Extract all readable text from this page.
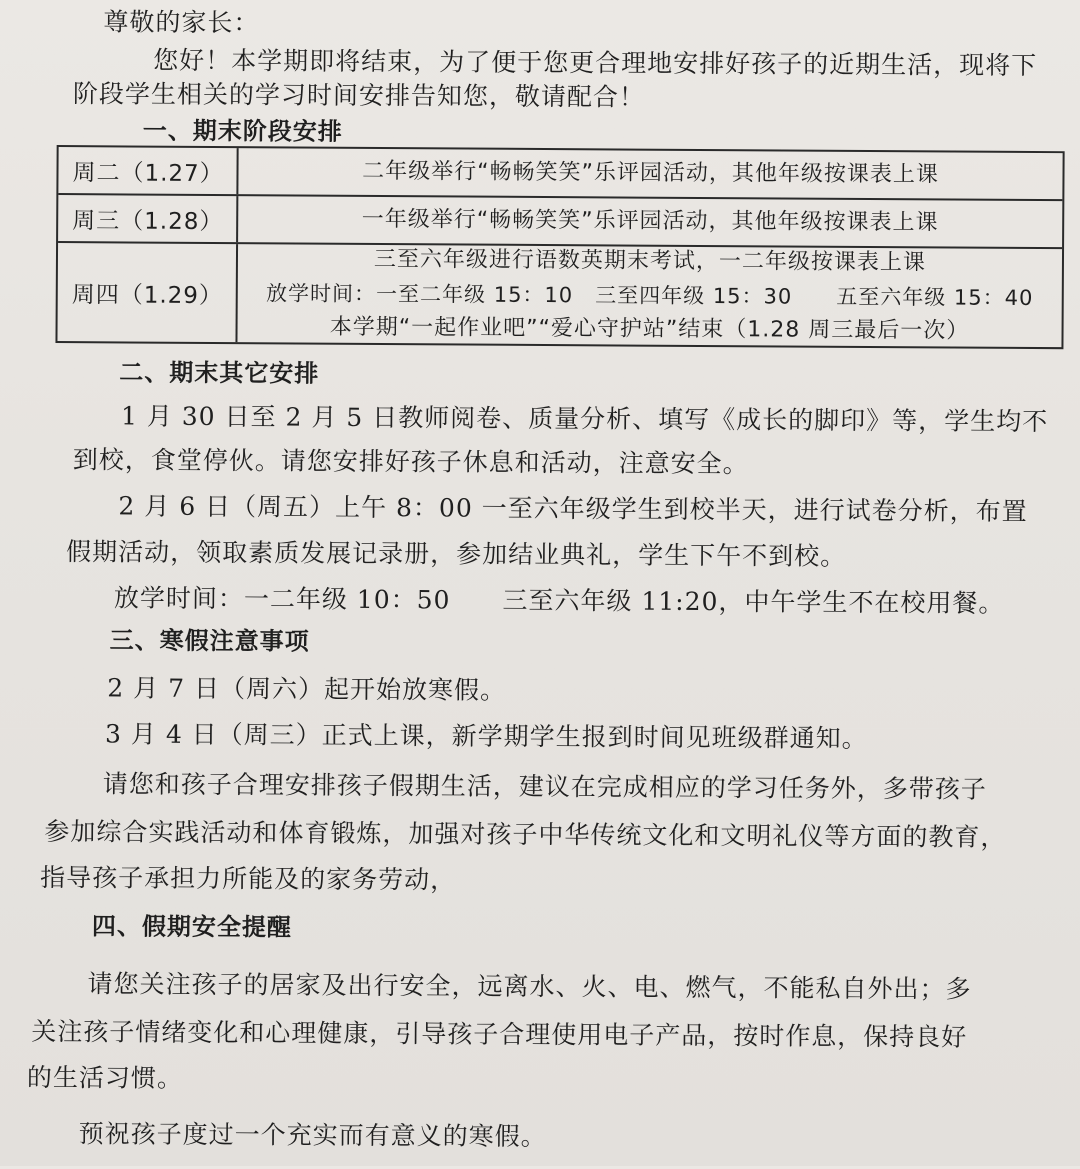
尊敬的家长：
您好！本学期即将结束，为了便于您更合理地安排好孩子的近期生活，现将下
阶段学生相关的学习时间安排告知您，敬请配合！
一、期末阶段安排
周二（1.27）	二年级举行“畅畅笑笑”乐评园活动，其他年级按课表上课
周三（1.28）	一年级举行“畅畅笑笑”乐评园活动，其他年级按课表上课
周四（1.29）
三至六年级进行语数英期末考试，一二年级按课表上课
放学时间：一至二年级 15：10　三至四年级 15：30　　五至六年级 15：40
本学期“一起作业吧”“爱心守护站”结束（1.28 周三最后一次）
二、期末其它安排
1 月 30 日至 2 月 5 日教师阅卷、质量分析、填写《成长的脚印》等，学生均不
到校，食堂停伙。请您安排好孩子休息和活动，注意安全。
2 月 6 日（周五）上午 8：00 一至六年级学生到校半天，进行试卷分析，布置
假期活动，领取素质发展记录册，参加结业典礼，学生下午不到校。
放学时间：一二年级 10：50　　三至六年级 11:20，中午学生不在校用餐。
三、寒假注意事项
2 月 7 日（周六）起开始放寒假。
3 月 4 日（周三）正式上课，新学期学生报到时间见班级群通知。
请您和孩子合理安排孩子假期生活，建议在完成相应的学习任务外，多带孩子
参加综合实践活动和体育锻炼，加强对孩子中华传统文化和文明礼仪等方面的教育，
指导孩子承担力所能及的家务劳动，
四、假期安全提醒
请您关注孩子的居家及出行安全，远离水、火、电、燃气，不能私自外出；多
关注孩子情绪变化和心理健康，引导孩子合理使用电子产品，按时作息，保持良好
的生活习惯。
预祝孩子度过一个充实而有意义的寒假。
